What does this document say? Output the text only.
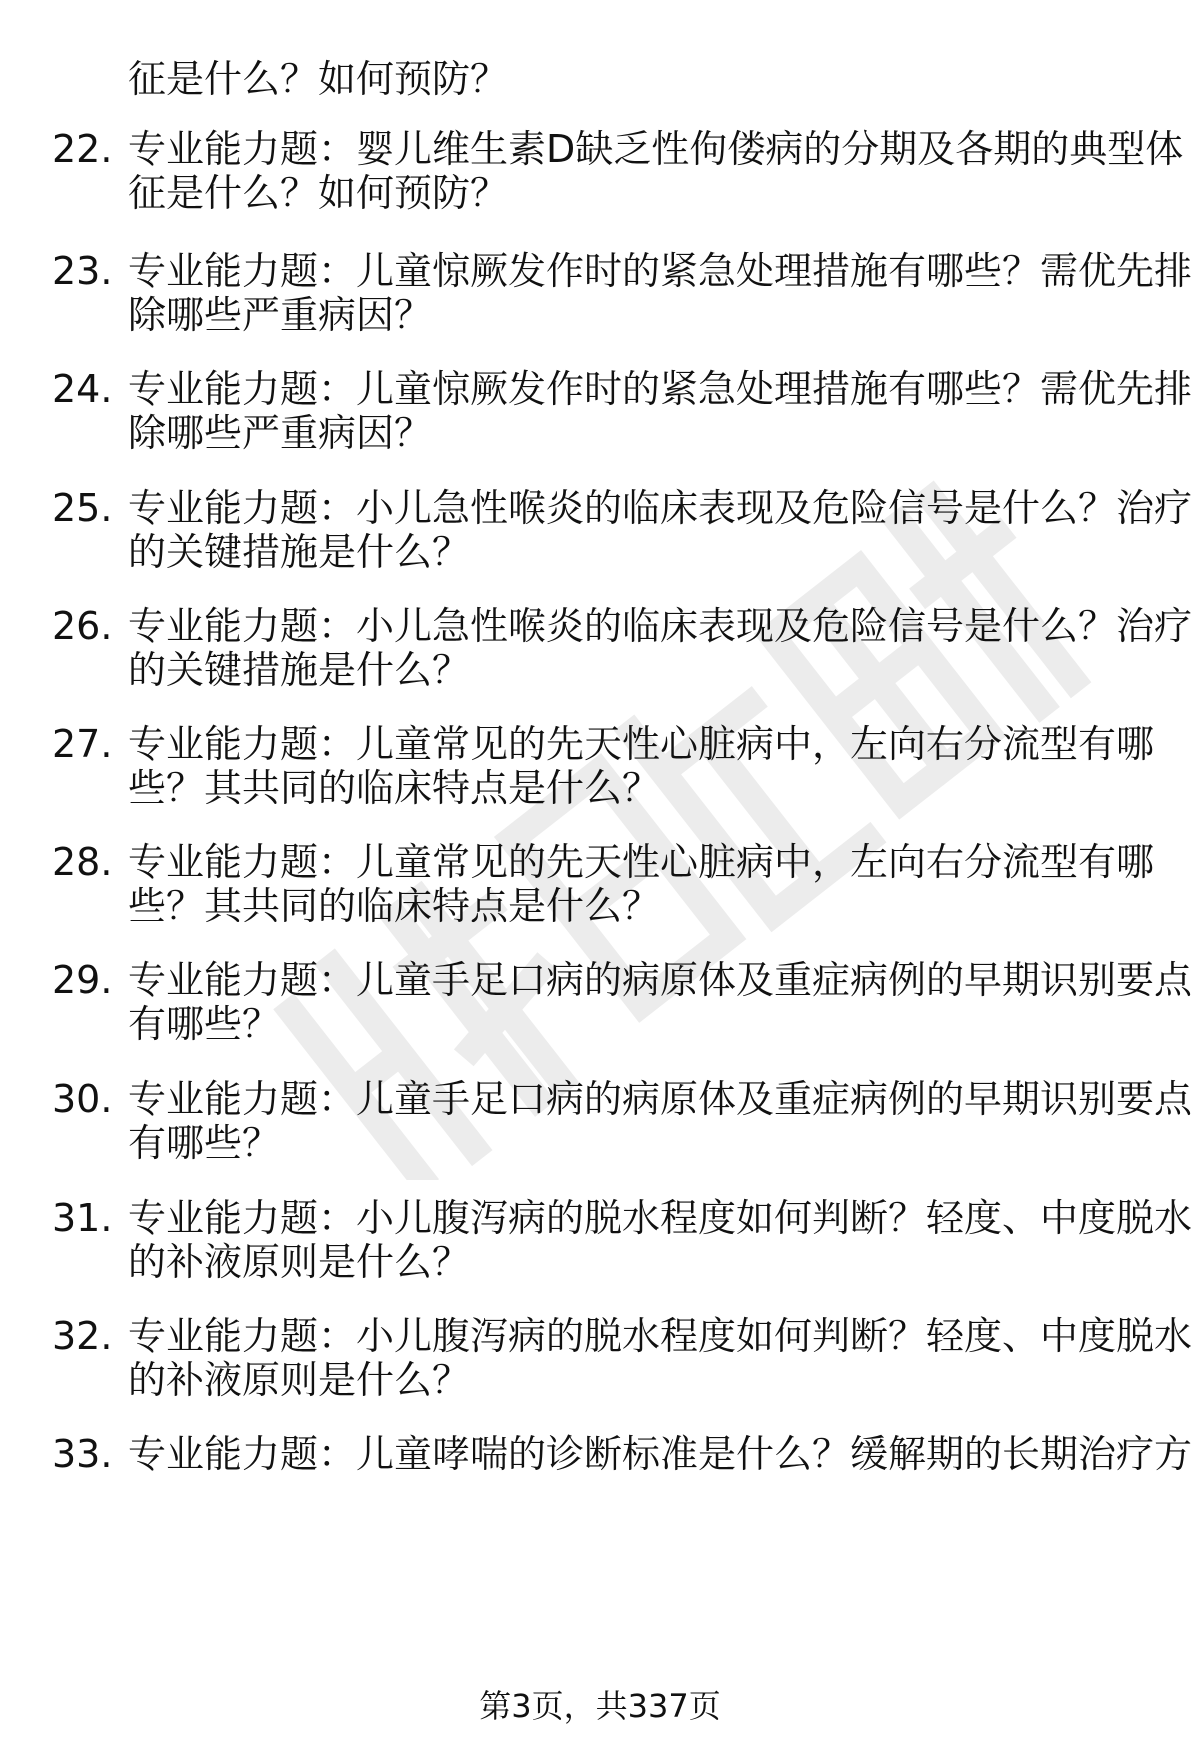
征是什么？如何预防？
22. 专业能力题：婴儿维生素D缺乏性佝偻病的分期及各期的典型体
征是什么？如何预防？
23. 专业能力题：儿童惊厥发作时的紧急处理措施有哪些？需优先排
除哪些严重病因？
24. 专业能力题：儿童惊厥发作时的紧急处理措施有哪些？需优先排
除哪些严重病因？
25. 专业能力题：小儿急性喉炎的临床表现及危险信号是什么？治疗
的关键措施是什么？
26. 专业能力题：小儿急性喉炎的临床表现及危险信号是什么？治疗
的关键措施是什么？
27. 专业能力题：儿童常见的先天性心脏病中，左向右分流型有哪
些？其共同的临床特点是什么？
28. 专业能力题：儿童常见的先天性心脏病中，左向右分流型有哪
些？其共同的临床特点是什么？
29. 专业能力题：儿童手足口病的病原体及重症病例的早期识别要点
有哪些？
30. 专业能力题：儿童手足口病的病原体及重症病例的早期识别要点
有哪些？
31. 专业能力题：小儿腹泻病的脱水程度如何判断？轻度、中度脱水
的补液原则是什么？
32. 专业能力题：小儿腹泻病的脱水程度如何判断？轻度、中度脱水
的补液原则是什么？
33. 专业能力题：儿童哮喘的诊断标准是什么？缓解期的长期治疗方
第3页，共337页
